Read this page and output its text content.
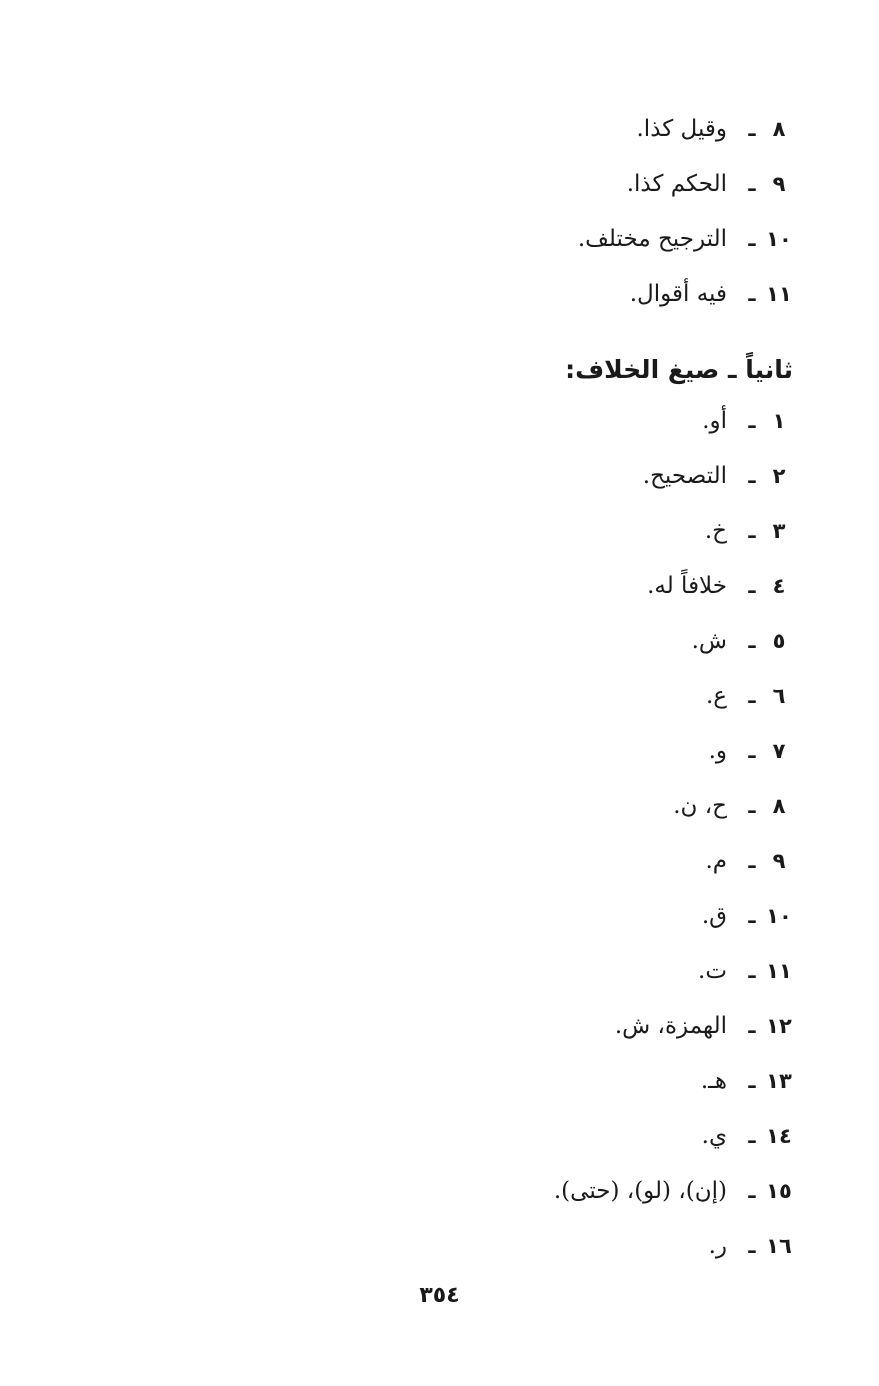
٨
ـ
وقيل كذا.
٩
ـ
الحكم كذا.
١٠
ـ
الترجيح مختلف.
١١
ـ
فيه أقوال.
ثانياً ـ صيغ الخلاف:
١
ـ
أو.
٢
ـ
التصحيح.
٣
ـ
خ.
٤
ـ
خلافاً له.
٥
ـ
ش.
٦
ـ
ع.
٧
ـ
و.
٨
ـ
ح، ن.
٩
ـ
م.
١٠
ـ
ق.
١١
ـ
ت.
١٢
ـ
الهمزة، ش.
١٣
ـ
هـ.
١٤
ـ
ي.
١٥
ـ
(إن)، (لو)، (حتى).
١٦
ـ
ر.
٣٥٤
